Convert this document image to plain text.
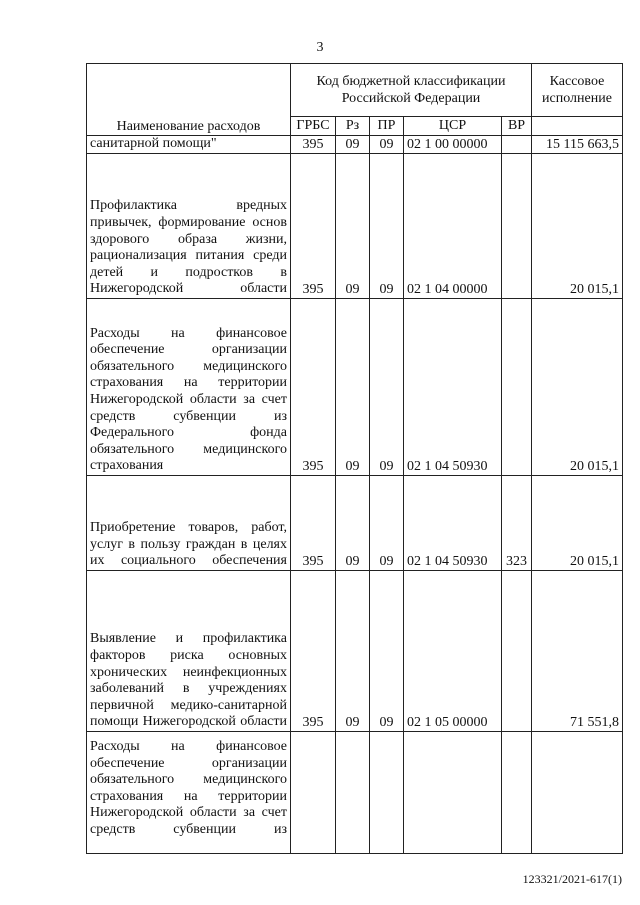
3
Наименование расходов	Код бюджетной классификации Российской Федерации					Кассовое исполнение
	ГРБС	Рз	ПР	ЦСР	ВР	
санитарной помощи"	395	09	09	02 1 00 00000		15 115 663,5
Профилактика вредных привычек, формирование основ здорового образа жизни, рационализация питания среди детей и подростков в Нижегородской области	395	09	09	02 1 04 00000		20 015,1
Расходы на финансовое обеспечение организации обязательного медицинского страхования на территории Нижегородской области за счет средств субвенции из Федерального фонда обязательного медицинского страхования	395	09	09	02 1 04 50930		20 015,1
Приобретение товаров, работ, услуг в пользу граждан в целях их социального обеспечения	395	09	09	02 1 04 50930	323	20 015,1
Выявление и профилактика факторов риска основных хронических неинфекционных заболеваний в учреждениях первичной медико-санитарной помощи Нижегородской области	395	09	09	02 1 05 00000		71 551,8
Расходы на финансовое обеспечение организации обязательного медицинского страхования на территории Нижегородской области за счет средств субвенции из						
123321/2021-617(1)
